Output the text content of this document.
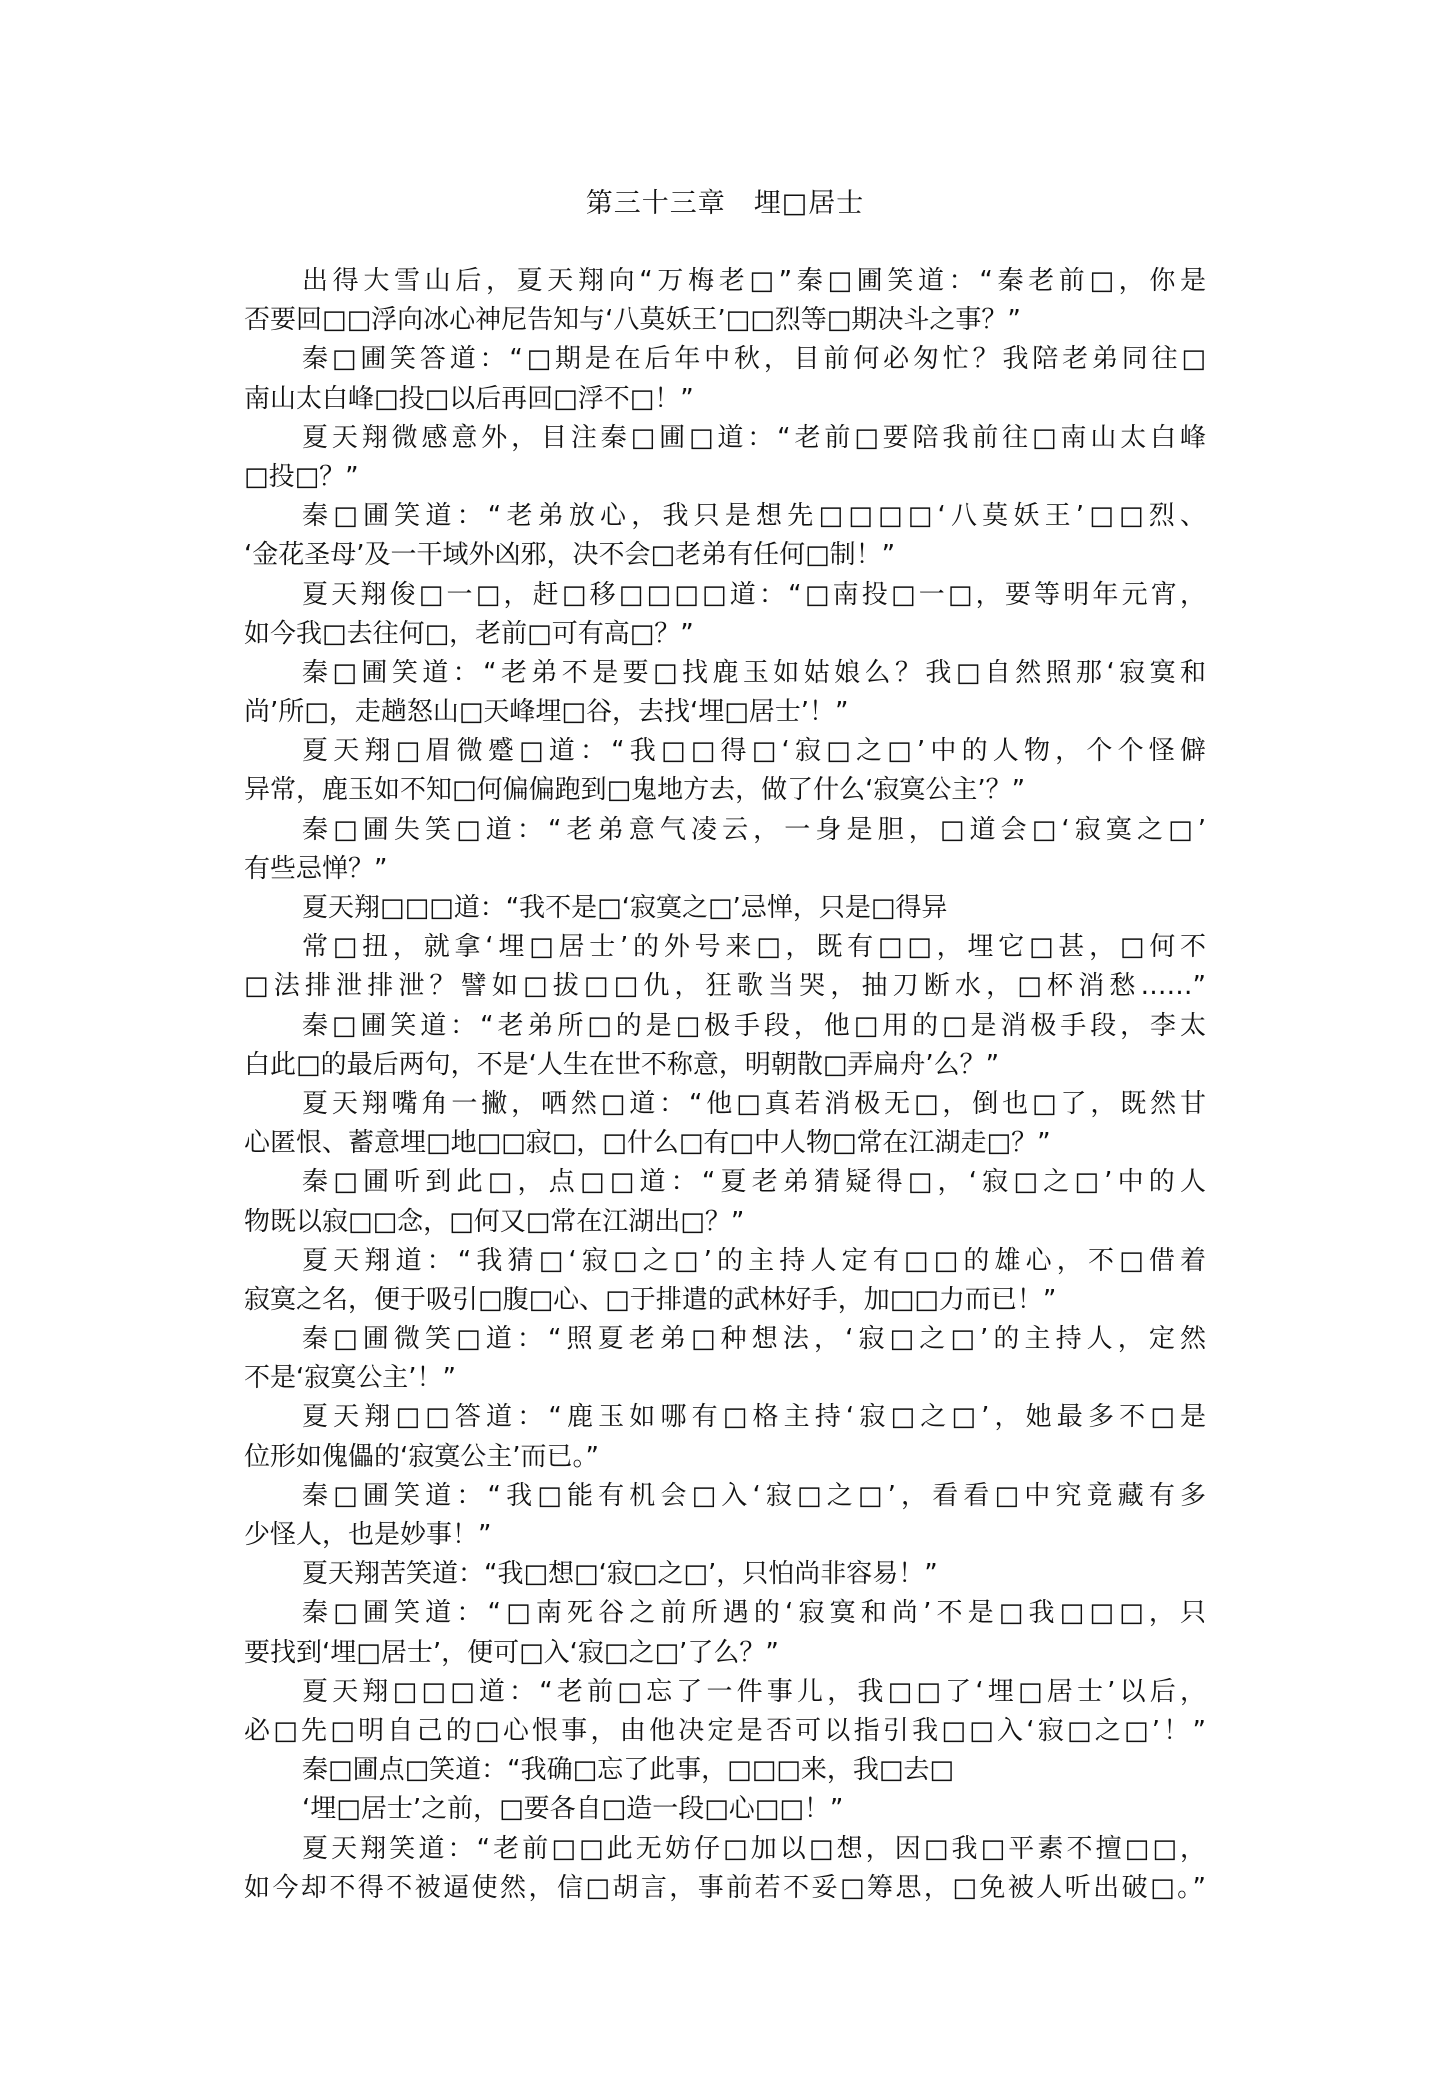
第三十三章　埋□居士
出得大雪山后，夏天翔向“万梅老□”秦□圃笑道：“秦老前□，你是
否要回□□浮向冰心神尼告知与‘八莫妖王’□□烈等□期决斗之事？”
秦□圃笑答道：“□期是在后年中秋，目前何必匆忙？我陪老弟同往□
南山太白峰□投□以后再回□浮不□！”
夏天翔微感意外，目注秦□圃□道：“老前□要陪我前往□南山太白峰
□投□？”
秦□圃笑道：“老弟放心，我只是想先□□□□‘八莫妖王’□□烈、
‘金花圣母’及一干域外凶邪，决不会□老弟有任何□制！”
夏天翔俊□一□，赶□移□□□□道：“□南投□一□，要等明年元宵，
如今我□去往何□，老前□可有高□？”
秦□圃笑道：“老弟不是要□找鹿玉如姑娘么？我□自然照那‘寂寞和
尚’所□，走趟怒山□天峰埋□谷，去找‘埋□居士’！”
夏天翔□眉微蹙□道：“我□□得□‘寂□之□’中的人物，个个怪僻
异常，鹿玉如不知□何偏偏跑到□鬼地方去，做了什么‘寂寞公主’？”
秦□圃失笑□道：“老弟意气凌云，一身是胆，□道会□‘寂寞之□’
有些忌惮？”
夏天翔□□□道：“我不是□‘寂寞之□’忌惮，只是□得异
常□扭，就拿‘埋□居士’的外号来□，既有□□，埋它□甚，□何不
□法排泄排泄？譬如□拔□□仇，狂歌当哭，抽刀断水，□杯消愁……”
秦□圃笑道：“老弟所□的是□极手段，他□用的□是消极手段，李太
白此□的最后两句，不是‘人生在世不称意，明朝散□弄扁舟’么？”
夏天翔嘴角一撇，哂然□道：“他□真若消极无□，倒也□了，既然甘
心匿恨、蓄意埋□地□□寂□，□什么□有□中人物□常在江湖走□？”
秦□圃听到此□，点□□道：“夏老弟猜疑得□，‘寂□之□’中的人
物既以寂□□念，□何又□常在江湖出□？”
夏天翔道：“我猜□‘寂□之□’的主持人定有□□的雄心，不□借着
寂寞之名，便于吸引□腹□心、□于排遣的武林好手，加□□力而已！”
秦□圃微笑□道：“照夏老弟□种想法，‘寂□之□’的主持人，定然
不是‘寂寞公主’！”
夏天翔□□答道：“鹿玉如哪有□格主持‘寂□之□’，她最多不□是
位形如傀儡的‘寂寞公主’而已。”
秦□圃笑道：“我□能有机会□入‘寂□之□’，看看□中究竟藏有多
少怪人，也是妙事！”
夏天翔苦笑道：“我□想□‘寂□之□’，只怕尚非容易！”
秦□圃笑道：“□南死谷之前所遇的‘寂寞和尚’不是□我□□□，只
要找到‘埋□居士’，便可□入‘寂□之□’了么？”
夏天翔□□□道：“老前□忘了一件事儿，我□□了‘埋□居士’以后，
必□先□明自己的□心恨事，由他决定是否可以指引我□□入‘寂□之□’！”
秦□圃点□笑道：“我确□忘了此事，□□□来，我□去□
‘埋□居士’之前，□要各自□造一段□心□□！”
夏天翔笑道：“老前□□此无妨仔□加以□想，因□我□平素不擅□□，
如今却不得不被逼使然，信□胡言，事前若不妥□筹思，□免被人听出破□。”
